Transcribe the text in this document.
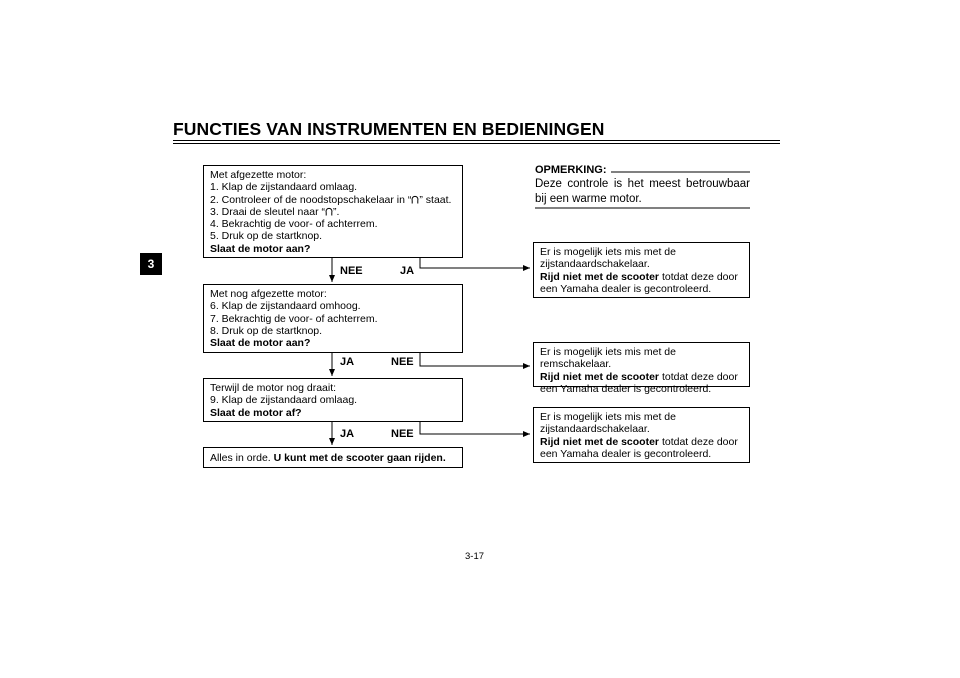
FUNCTIES VAN INSTRUMENTEN EN BEDIENINGEN
3
Met afgezette motor:
1. Klap de zijstandaard omlaag.
2. Controleer of de noodstopschakelaar in “ ” staat.
3. Draai de sleutel naar “ ”.
4. Bekrachtig de voor- of achterrem.
5. Druk op de startknop.
Slaat de motor aan?
NEE	JA
Met nog afgezette motor:
6. Klap de zijstandaard omhoog.
7. Bekrachtig de voor- of achterrem.
8. Druk op de startknop.
Slaat de motor aan?
JA	NEE
Terwijl de motor nog draait:
9. Klap de zijstandaard omlaag.
Slaat de motor af?
JA	NEE
Alles in orde. U kunt met de scooter gaan rijden.
OPMERKING:
Deze controle is het meest betrouwbaar bij een warme motor.
Er is mogelijk iets mis met de
zijstandaardschakelaar.
Rijd niet met de scooter totdat deze door
een Yamaha dealer is gecontroleerd.
Er is mogelijk iets mis met de remschakelaar.
Rijd niet met de scooter totdat deze door
een Yamaha dealer is gecontroleerd.
Er is mogelijk iets mis met de
zijstandaardschakelaar.
Rijd niet met de scooter totdat deze door
een Yamaha dealer is gecontroleerd.
3-17
